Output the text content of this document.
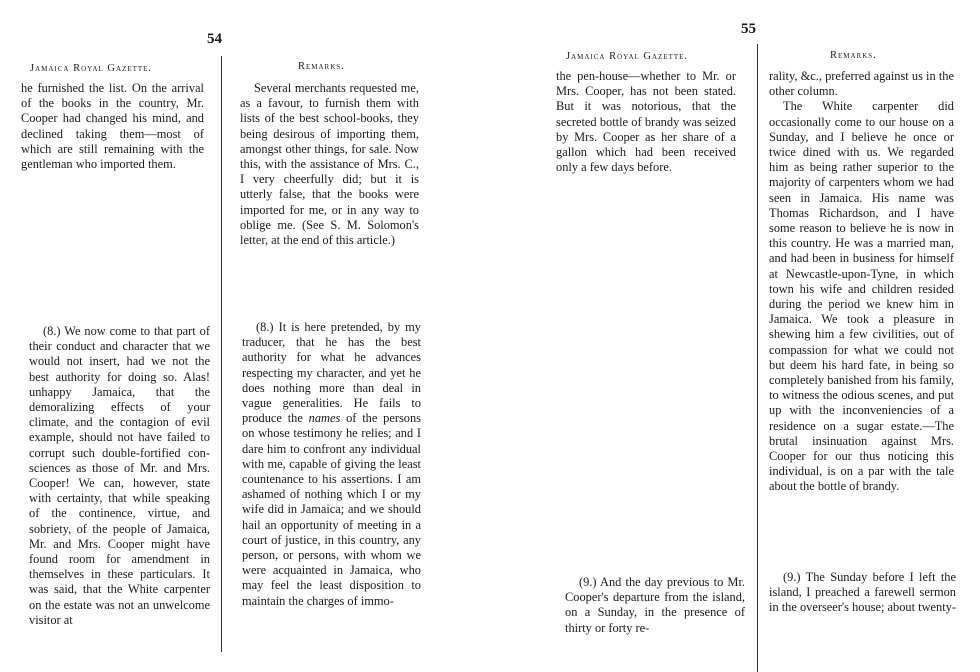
54
Jamaica Royal Gazette.	Remarks.

he furnished the list. On the arrival of the books in the country, Mr. Cooper had changed his mind, and declined taking them—most of which are still remaining with the gentleman who imported them.

Several merchants requested me, as a favour, to furnish them with lists of the best school-books, they being desirous of importing them, amongst other things, for sale. Now this, with the assistance of Mrs. C., I very cheerfully did; but it is utterly false, that the books were imported for me, or in any way to oblige me. (See S. M. Solomon's letter, at the end of this article.)

(8.) We now come to that part of their conduct and character that we would not insert, had we not the best authority for doing so. Alas! unhappy Jamaica, that the demoralizing effects of your climate, and the contagion of evil example, should not have failed to corrupt such double-fortified consciences as those of Mr. and Mrs. Cooper! We can, however, state with certainty, that while speaking of the continence, virtue, and sobriety, of the people of Jamaica, Mr. and Mrs. Cooper might have found room for amendment in themselves in these particulars. It was said, that the White carpenter on the estate was not an unwelcome visitor at

(8.) It is here pretended, by my traducer, that he has the best authority for what he advances respecting my character, and yet he does nothing more than deal in vague generalities. He fails to produce the names of the persons on whose testimony he relies; and I dare him to confront any individual with me, capable of giving the least countenance to his assertions. I am ashamed of nothing which I or my wife did in Jamaica; and we should hail an opportunity of meeting in a court of justice, in this country, any person, or persons, with whom we were acquainted in Jamaica, who may feel the least disposition to maintain the charges of immo-

55
Jamaica Royal Gazette.	Remarks.

the pen-house—whether to Mr. or Mrs. Cooper, has not been stated. But it was notorious, that the secreted bottle of brandy was seized by Mrs. Cooper as her share of a gallon which had been received only a few days before.

rality, &c., preferred against us in the other column.
The White carpenter did occasionally come to our house on a Sunday, and I believe he once or twice dined with us. We regarded him as being rather superior to the majority of carpenters whom we had seen in Jamaica. His name was Thomas Richardson, and I have some reason to believe he is now in this country. He was a married man, and had been in business for himself at Newcastle-upon-Tyne, in which town his wife and children resided during the period we knew him in Jamaica. We took a pleasure in shewing him a few civilities, out of compassion for what we could not but deem his hard fate, in being so completely banished from his family, to witness the odious scenes, and put up with the inconveniencies of a residence on a sugar estate.—The brutal insinuation against Mrs. Cooper for our thus noticing this individual, is on a par with the tale about the bottle of brandy.

(9.) And the day previous to Mr. Cooper's departure from the island, on a Sunday, in the presence of thirty or forty re-

(9.) The Sunday before I left the island, I preached a farewell sermon in the overseer's house; about twenty-
